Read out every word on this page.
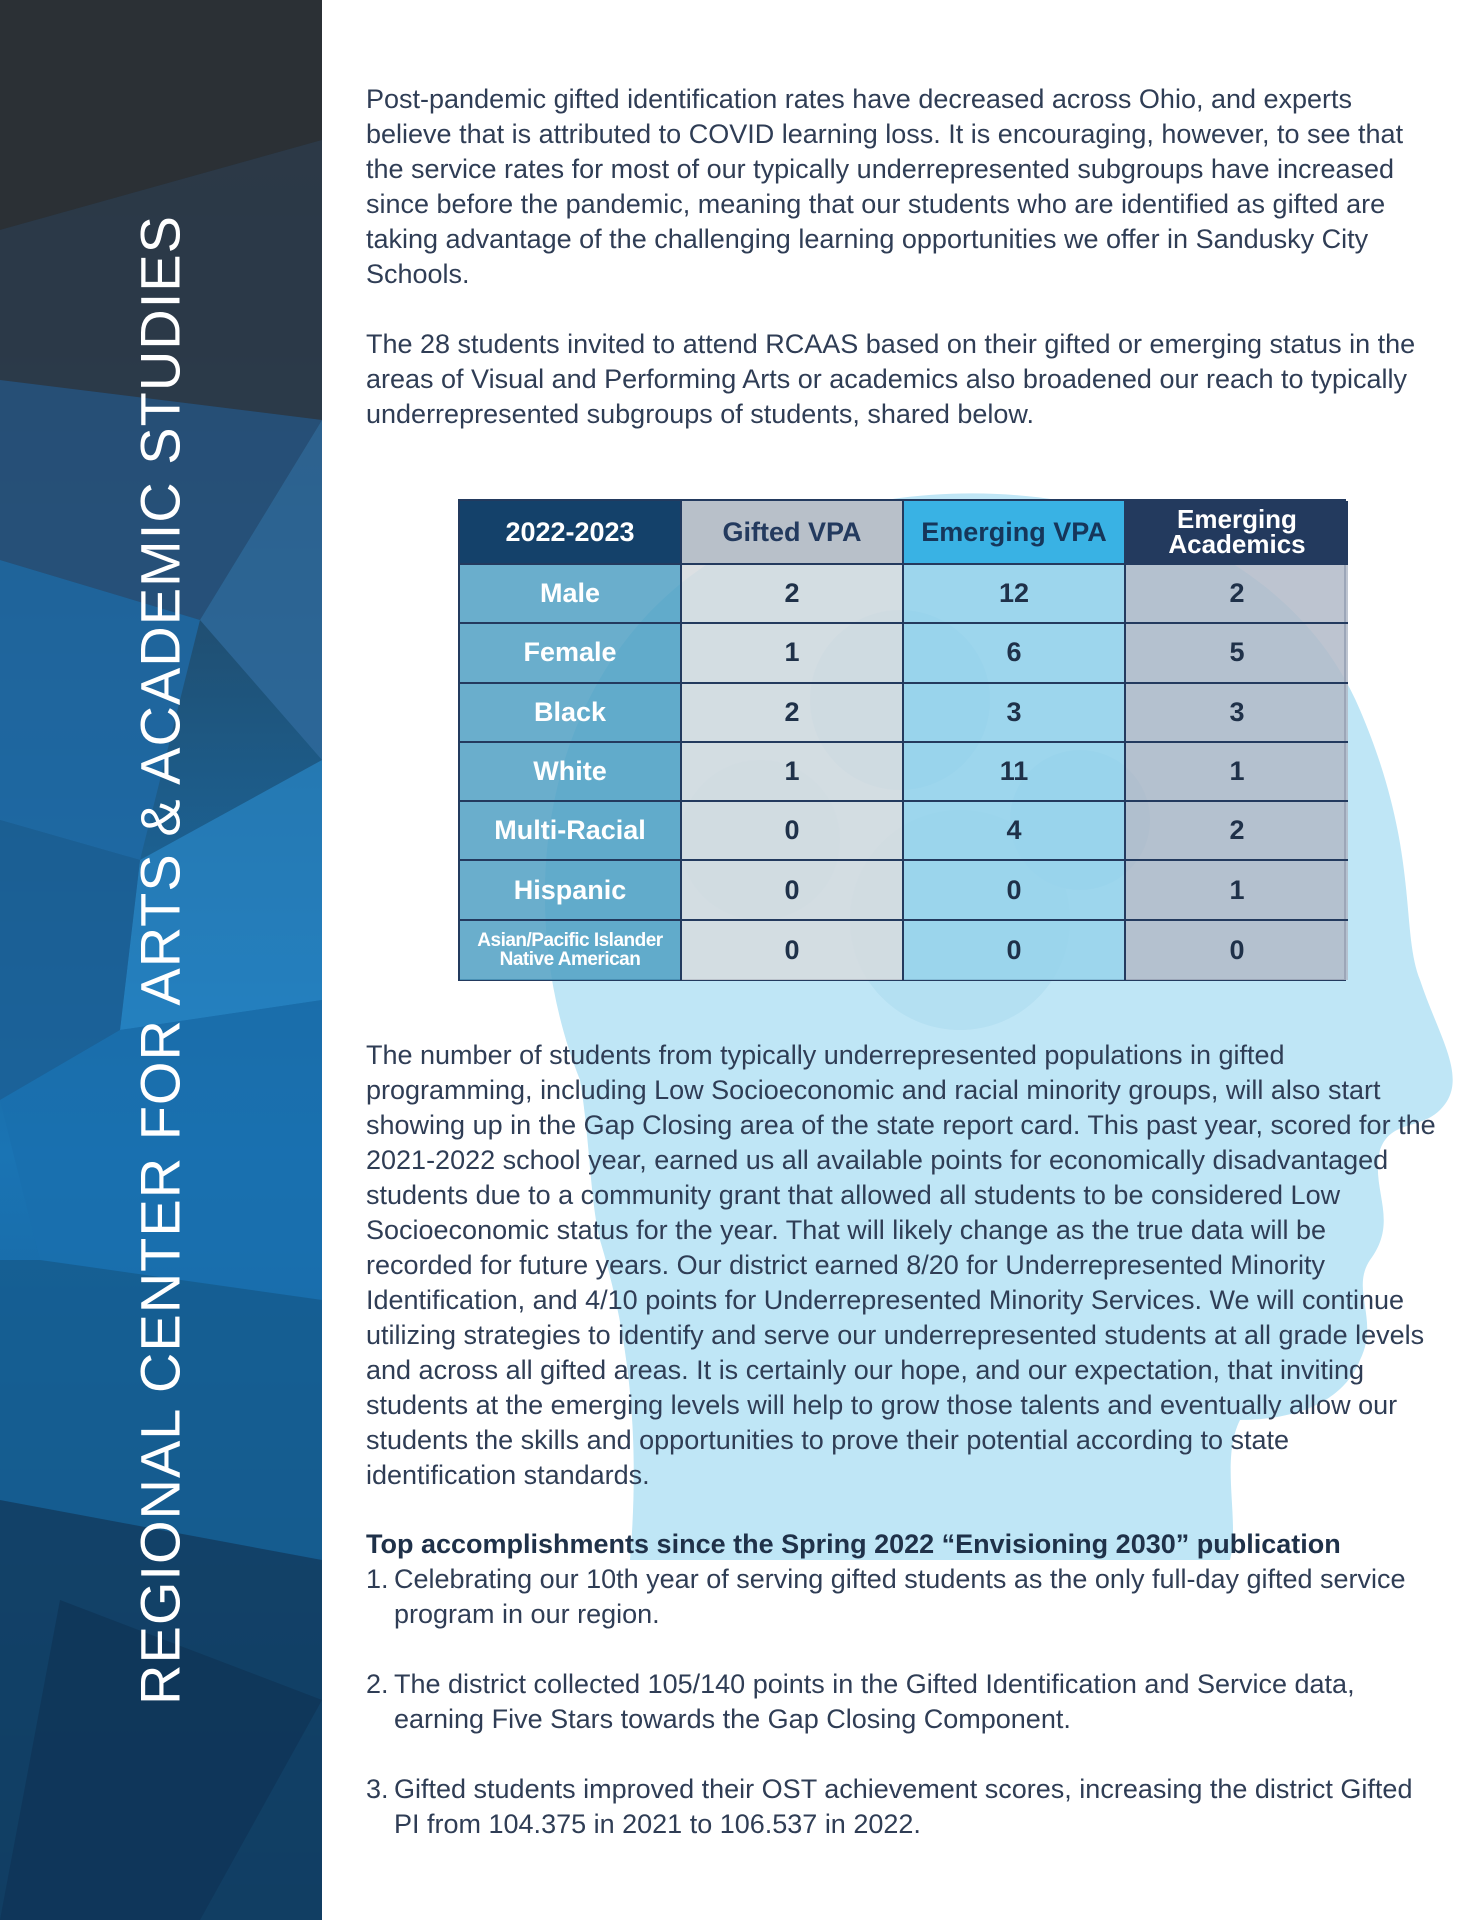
REGIONAL CENTER FOR ARTS & ACADEMIC STUDIES

Post-pandemic gifted identification rates have decreased across Ohio, and experts believe that is attributed to COVID learning loss. It is encouraging, however, to see that the service rates for most of our typically underrepresented subgroups have increased since before the pandemic, meaning that our students who are identified as gifted are taking advantage of the challenging learning opportunities we offer in Sandusky City Schools.

The 28 students invited to attend RCAAS based on their gifted or emerging status in the areas of Visual and Performing Arts or academics also broadened our reach to typically underrepresented subgroups of students, shared below.

2022-2023	Gifted VPA	Emerging VPA	Emerging Academics
Male	2	12	2
Female	1	6	5
Black	2	3	3
White	1	11	1
Multi-Racial	0	4	2
Hispanic	0	0	1
Asian/Pacific Islander Native American	0	0	0

The number of students from typically underrepresented populations in gifted programming, including Low Socioeconomic and racial minority groups, will also start showing up in the Gap Closing area of the state report card. This past year, scored for the 2021-2022 school year, earned us all available points for economically disadvantaged students due to a community grant that allowed all students to be considered Low Socioeconomic status for the year. That will likely change as the true data will be recorded for future years. Our district earned 8/20 for Underrepresented Minority Identification, and 4/10 points for Underrepresented Minority Services. We will continue utilizing strategies to identify and serve our underrepresented students at all grade levels and across all gifted areas. It is certainly our hope, and our expectation, that inviting students at the emerging levels will help to grow those talents and eventually allow our students the skills and opportunities to prove their potential according to state identification standards.

Top accomplishments since the Spring 2022 “Envisioning 2030” publication

1. Celebrating our 10th year of serving gifted students as the only full-day gifted service program in our region.
2. The district collected 105/140 points in the Gifted Identification and Service data, earning Five Stars towards the Gap Closing Component.
3. Gifted students improved their OST achievement scores, increasing the district Gifted PI from 104.375 in 2021 to 106.537 in 2022.
